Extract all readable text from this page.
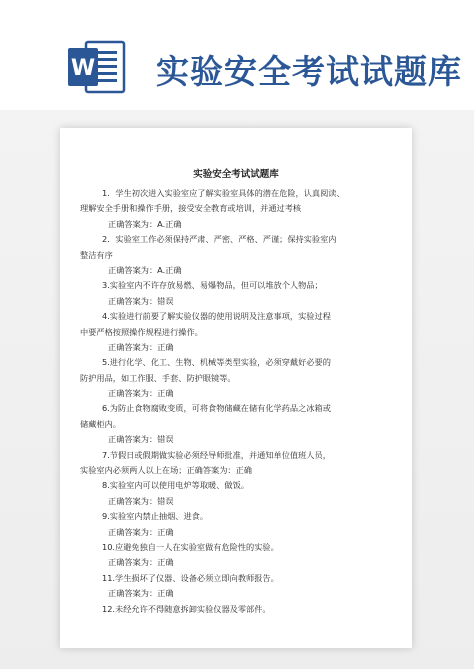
W 实验安全考试试题库
实验安全考试试题库
1．学生初次进入实验室应了解实验室具体的潜在危险，认真阅读、
理解安全手册和操作手册，接受安全教育或培训，并通过考核
正确答案为：A.正确
2．实验室工作必须保持严肃、严密、严格、严谨；保持实验室内
整洁有序
正确答案为：A.正确
3.实验室内不许存放易燃、易爆物品，但可以堆放个人物品；
正确答案为：错误
4.实验进行前要了解实验仪器的使用说明及注意事项，实验过程
中要严格按照操作规程进行操作。
正确答案为：正确
5.进行化学、化工、生物、机械等类型实验，必须穿戴好必要的
防护用品，如工作服、手套、防护眼镜等。
正确答案为：正确
6.为防止食物腐败变质，可将食物储藏在储有化学药品之冰箱或
储藏柜内。
正确答案为：错误
7.节假日或假期做实验必须经导师批准，并通知单位值班人员，
实验室内必须两人以上在场；正确答案为：正确
8.实验室内可以使用电炉等取暖、做饭。
正确答案为：错误
9.实验室内禁止抽烟、进食。
正确答案为：正确
10.应避免独自一人在实验室做有危险性的实验。
正确答案为：正确
11.学生损坏了仪器、设备必须立即向教师报告。
正确答案为：正确
12.未经允许不得随意拆卸实验仪器及零部件。
